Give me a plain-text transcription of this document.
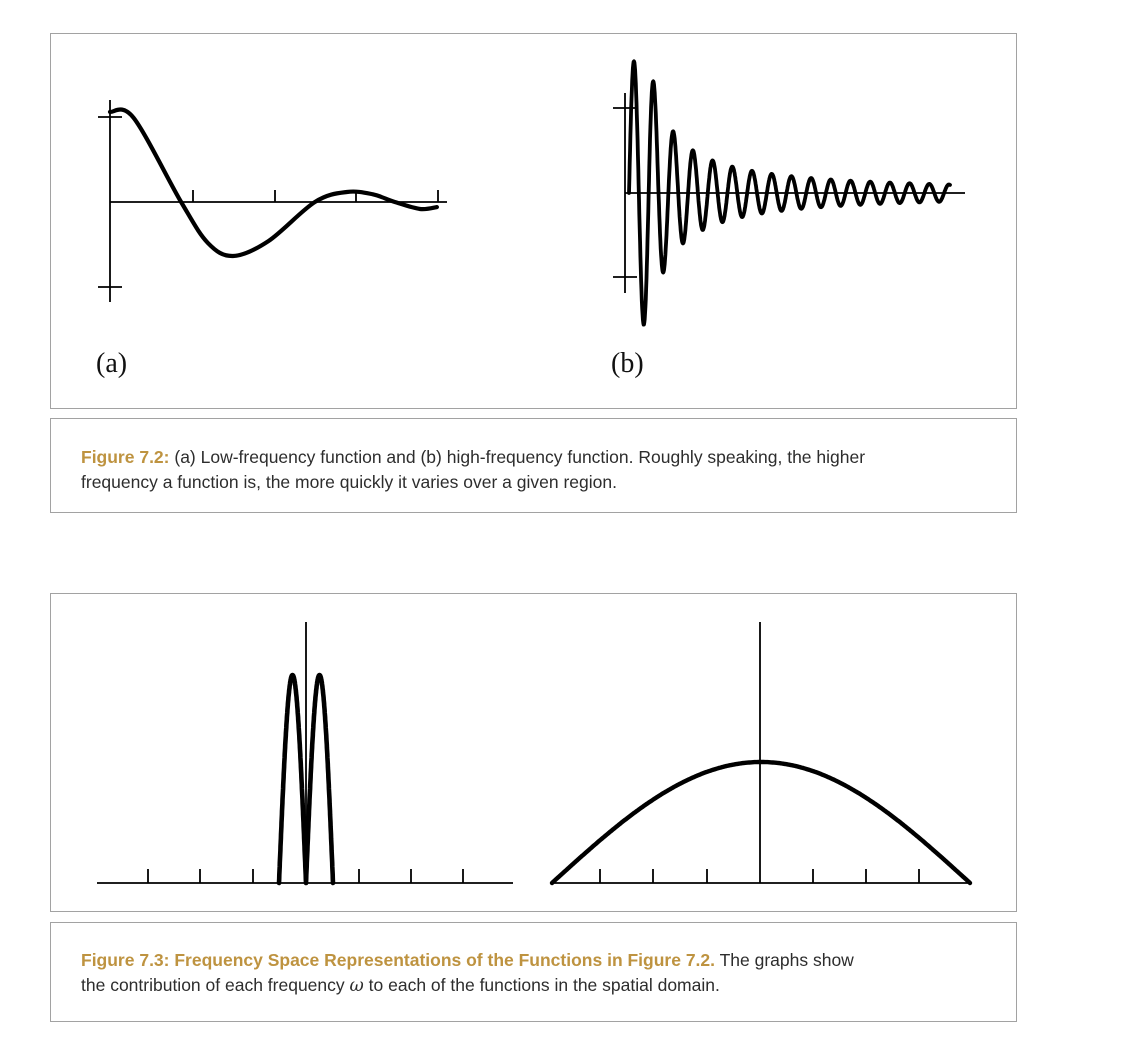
(a)	(b)

Figure 7.2: (a) Low-frequency function and (b) high-frequency function. Roughly speaking, the higher
frequency a function is, the more quickly it varies over a given region.

Figure 7.3: Frequency Space Representations of the Functions in Figure 7.2. The graphs show
the contribution of each frequency ω to each of the functions in the spatial domain.
